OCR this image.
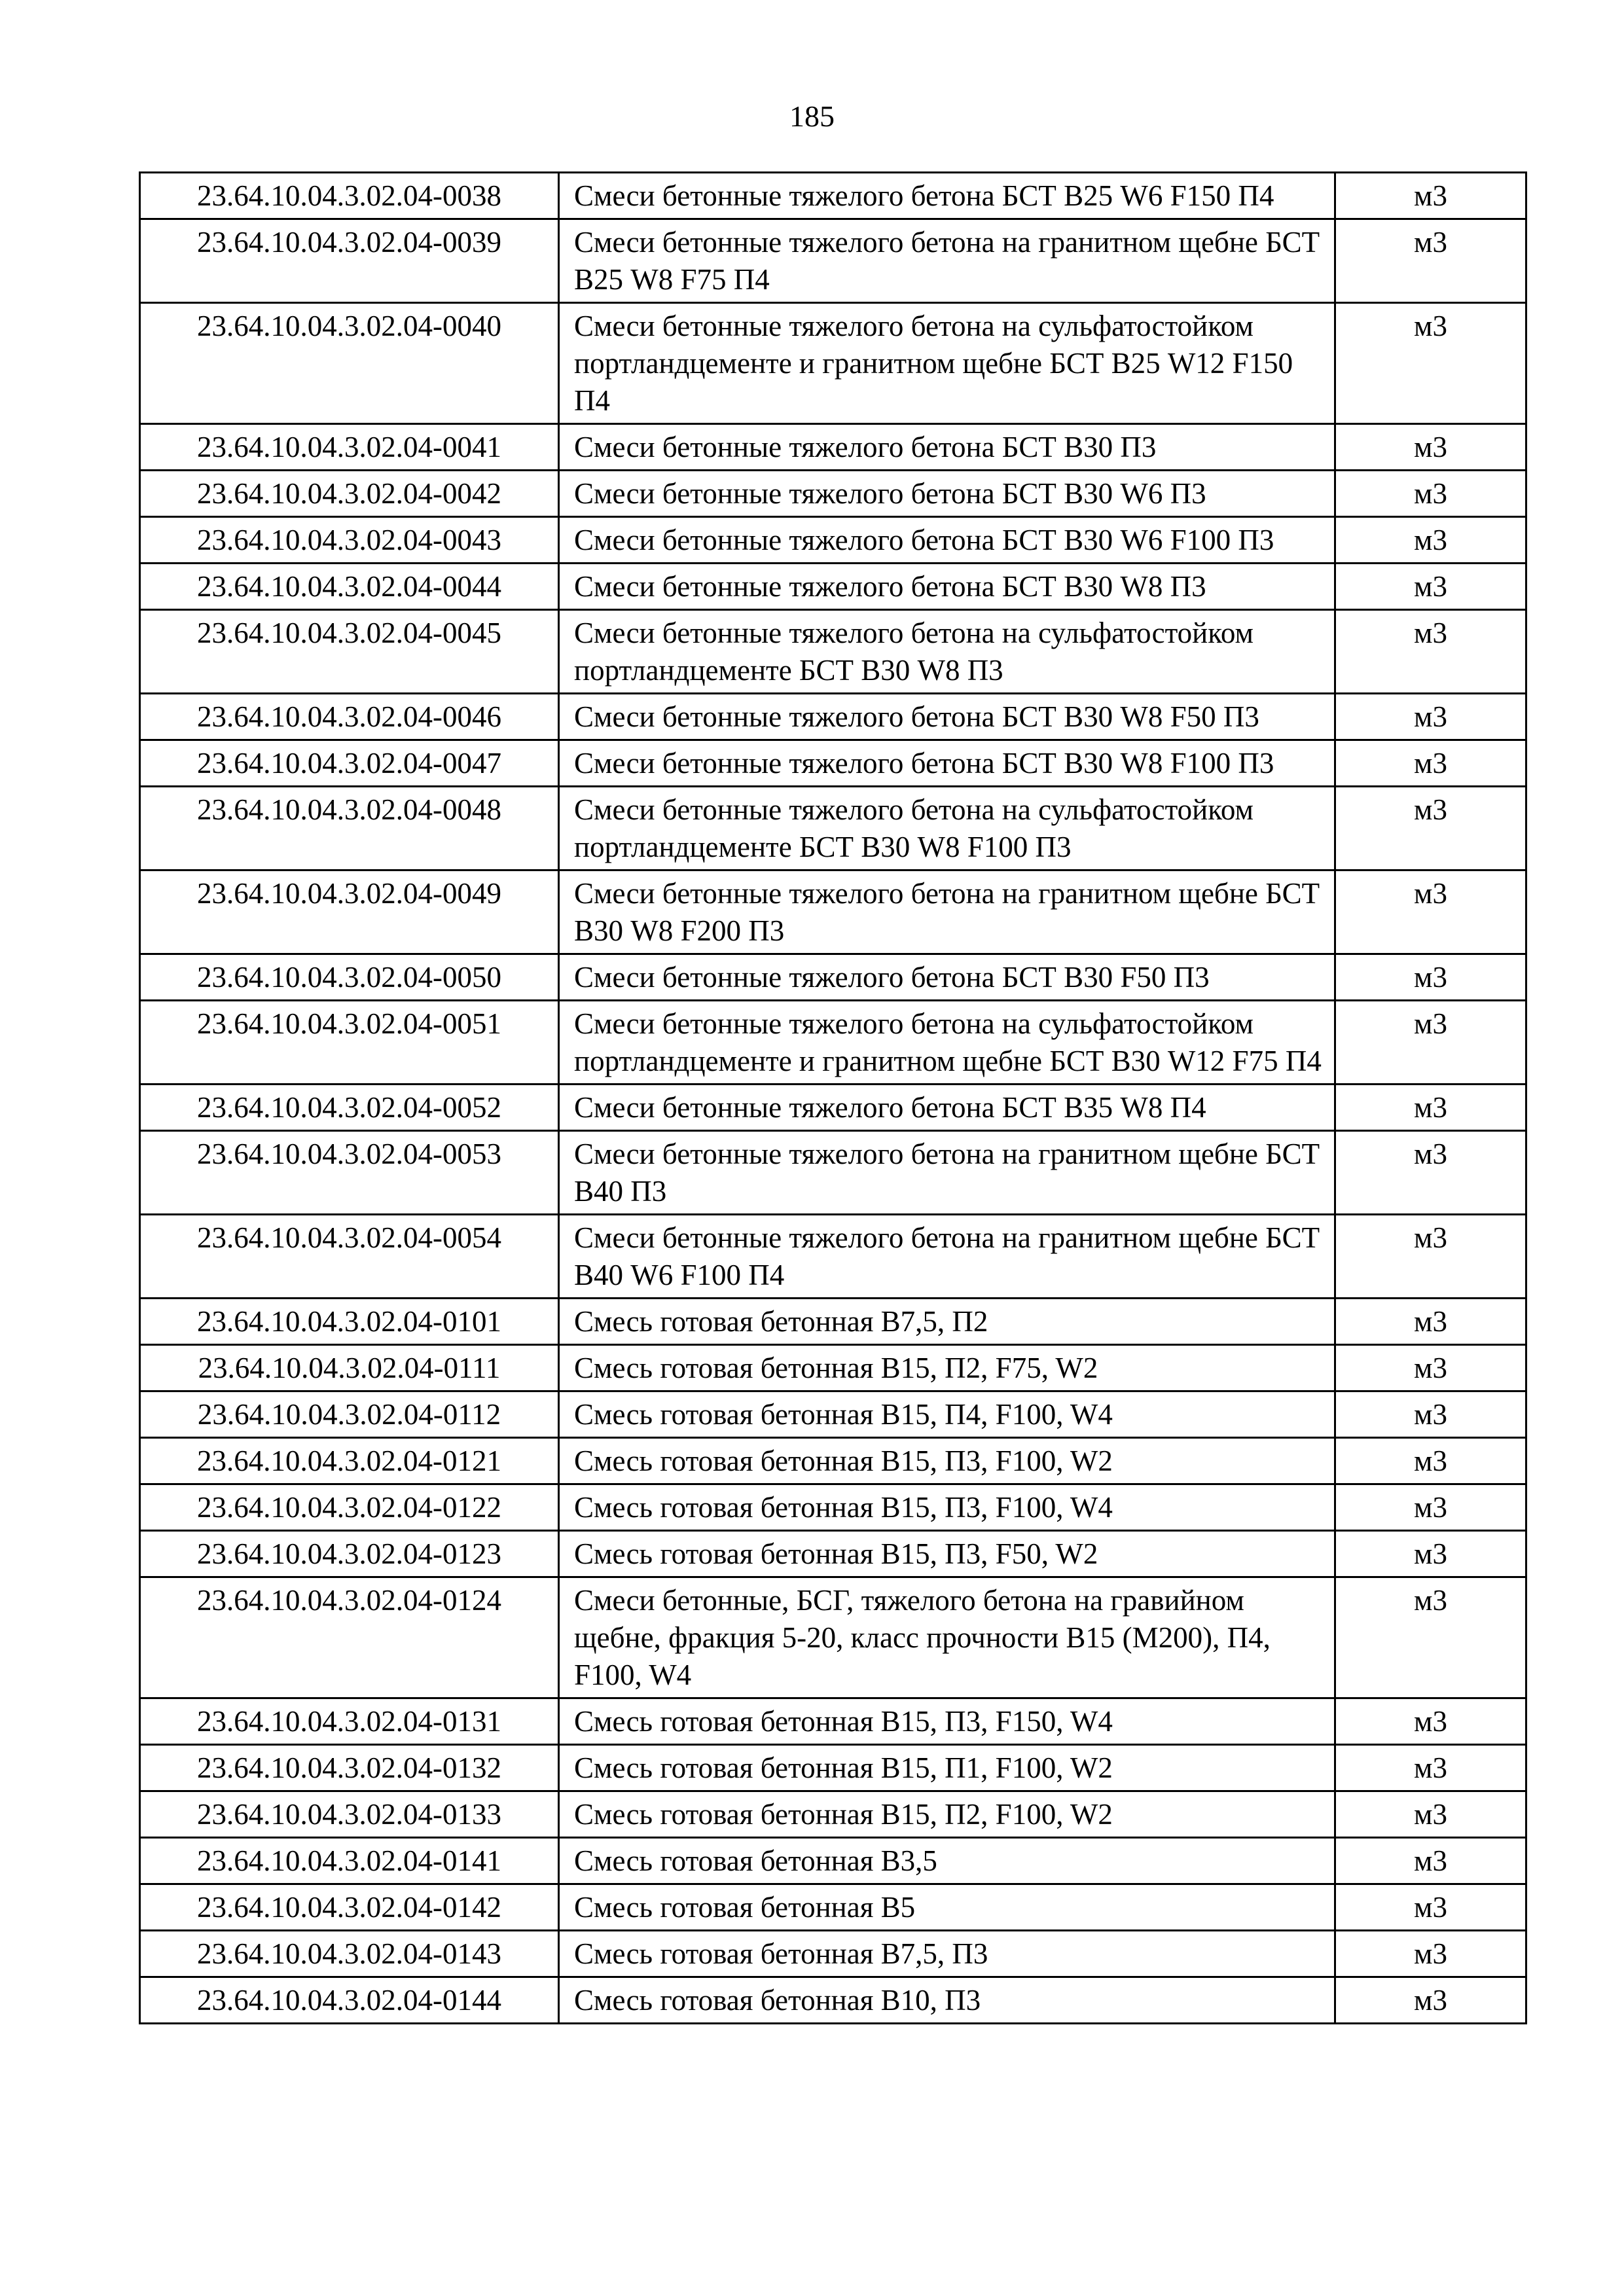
185
23.64.10.04.3.02.04-0038	Смеси бетонные тяжелого бетона БСТ В25 W6 F150 П4	м3
23.64.10.04.3.02.04-0039	Смеси бетонные тяжелого бетона на гранитном щебне БСТ В25 W8 F75 П4	м3
23.64.10.04.3.02.04-0040	Смеси бетонные тяжелого бетона на сульфатостойком портландцементе и гранитном щебне БСТ В25 W12 F150 П4	м3
23.64.10.04.3.02.04-0041	Смеси бетонные тяжелого бетона БСТ В30 П3	м3
23.64.10.04.3.02.04-0042	Смеси бетонные тяжелого бетона БСТ В30 W6 П3	м3
23.64.10.04.3.02.04-0043	Смеси бетонные тяжелого бетона БСТ В30 W6 F100 П3	м3
23.64.10.04.3.02.04-0044	Смеси бетонные тяжелого бетона БСТ В30 W8 П3	м3
23.64.10.04.3.02.04-0045	Смеси бетонные тяжелого бетона на сульфатостойком портландцементе БСТ В30 W8 П3	м3
23.64.10.04.3.02.04-0046	Смеси бетонные тяжелого бетона БСТ В30 W8 F50 П3	м3
23.64.10.04.3.02.04-0047	Смеси бетонные тяжелого бетона БСТ В30 W8 F100 П3	м3
23.64.10.04.3.02.04-0048	Смеси бетонные тяжелого бетона на сульфатостойком портландцементе БСТ В30 W8 F100 П3	м3
23.64.10.04.3.02.04-0049	Смеси бетонные тяжелого бетона на гранитном щебне БСТ В30 W8 F200 П3	м3
23.64.10.04.3.02.04-0050	Смеси бетонные тяжелого бетона БСТ В30 F50 П3	м3
23.64.10.04.3.02.04-0051	Смеси бетонные тяжелого бетона на сульфатостойком портландцементе и гранитном щебне БСТ В30 W12 F75 П4	м3
23.64.10.04.3.02.04-0052	Смеси бетонные тяжелого бетона БСТ В35 W8 П4	м3
23.64.10.04.3.02.04-0053	Смеси бетонные тяжелого бетона на гранитном щебне БСТ В40 П3	м3
23.64.10.04.3.02.04-0054	Смеси бетонные тяжелого бетона на гранитном щебне БСТ В40 W6 F100 П4	м3
23.64.10.04.3.02.04-0101	Смесь готовая бетонная В7,5, П2	м3
23.64.10.04.3.02.04-0111	Смесь готовая бетонная В15, П2, F75, W2	м3
23.64.10.04.3.02.04-0112	Смесь готовая бетонная В15, П4, F100, W4	м3
23.64.10.04.3.02.04-0121	Смесь готовая бетонная В15, П3, F100, W2	м3
23.64.10.04.3.02.04-0122	Смесь готовая бетонная В15, П3, F100, W4	м3
23.64.10.04.3.02.04-0123	Смесь готовая бетонная В15, П3, F50, W2	м3
23.64.10.04.3.02.04-0124	Смеси бетонные, БСГ, тяжелого бетона на гравийном щебне, фракция 5-20, класс прочности В15 (М200), П4, F100, W4	м3
23.64.10.04.3.02.04-0131	Смесь готовая бетонная В15, П3, F150, W4	м3
23.64.10.04.3.02.04-0132	Смесь готовая бетонная В15, П1, F100, W2	м3
23.64.10.04.3.02.04-0133	Смесь готовая бетонная В15, П2, F100, W2	м3
23.64.10.04.3.02.04-0141	Смесь готовая бетонная В3,5	м3
23.64.10.04.3.02.04-0142	Смесь готовая бетонная В5	м3
23.64.10.04.3.02.04-0143	Смесь готовая бетонная В7,5, П3	м3
23.64.10.04.3.02.04-0144	Смесь готовая бетонная В10, П3	м3
